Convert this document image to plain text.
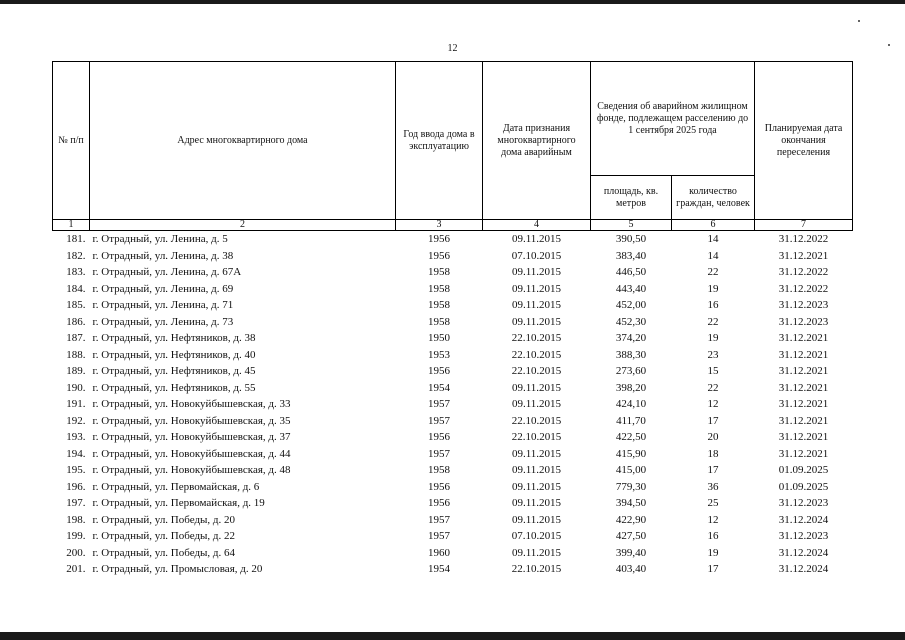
12
№ п/п	Адрес многоквартирного дома	Год ввода дома в эксплуатацию	Дата признания многоквартирного дома аварийным	Сведения об аварийном жилищном фонде, подлежащем расселению до 1 сентября 2025 года		Планируемая дата окончания переселения
				площадь, кв. метров	количество граждан, человек	
1	2	3	4	5	6	7
181.	г. Отрадный, ул. Ленина, д. 5	1956	09.11.2015	390,50	14	31.12.2022
182.	г. Отрадный, ул. Ленина, д. 38	1956	07.10.2015	383,40	14	31.12.2021
183.	г. Отрадный, ул. Ленина, д. 67А	1958	09.11.2015	446,50	22	31.12.2022
184.	г. Отрадный, ул. Ленина, д. 69	1958	09.11.2015	443,40	19	31.12.2022
185.	г. Отрадный, ул. Ленина, д. 71	1958	09.11.2015	452,00	16	31.12.2023
186.	г. Отрадный, ул. Ленина, д. 73	1958	09.11.2015	452,30	22	31.12.2023
187.	г. Отрадный, ул. Нефтяников, д. 38	1950	22.10.2015	374,20	19	31.12.2021
188.	г. Отрадный, ул. Нефтяников, д. 40	1953	22.10.2015	388,30	23	31.12.2021
189.	г. Отрадный, ул. Нефтяников, д. 45	1956	22.10.2015	273,60	15	31.12.2021
190.	г. Отрадный, ул. Нефтяников, д. 55	1954	09.11.2015	398,20	22	31.12.2021
191.	г. Отрадный, ул. Новокуйбышевская, д. 33	1957	09.11.2015	424,10	12	31.12.2021
192.	г. Отрадный, ул. Новокуйбышевская, д. 35	1957	22.10.2015	411,70	17	31.12.2021
193.	г. Отрадный, ул. Новокуйбышевская, д. 37	1956	22.10.2015	422,50	20	31.12.2021
194.	г. Отрадный, ул. Новокуйбышевская, д. 44	1957	09.11.2015	415,90	18	31.12.2021
195.	г. Отрадный, ул. Новокуйбышевская, д. 48	1958	09.11.2015	415,00	17	01.09.2025
196.	г. Отрадный, ул. Первомайская, д. 6	1956	09.11.2015	779,30	36	01.09.2025
197.	г. Отрадный, ул. Первомайская, д. 19	1956	09.11.2015	394,50	25	31.12.2023
198.	г. Отрадный, ул. Победы, д. 20	1957	09.11.2015	422,90	12	31.12.2024
199.	г. Отрадный, ул. Победы, д. 22	1957	07.10.2015	427,50	16	31.12.2023
200.	г. Отрадный, ул. Победы, д. 64	1960	09.11.2015	399,40	19	31.12.2024
201.	г. Отрадный, ул. Промысловая, д. 20	1954	22.10.2015	403,40	17	31.12.2024
